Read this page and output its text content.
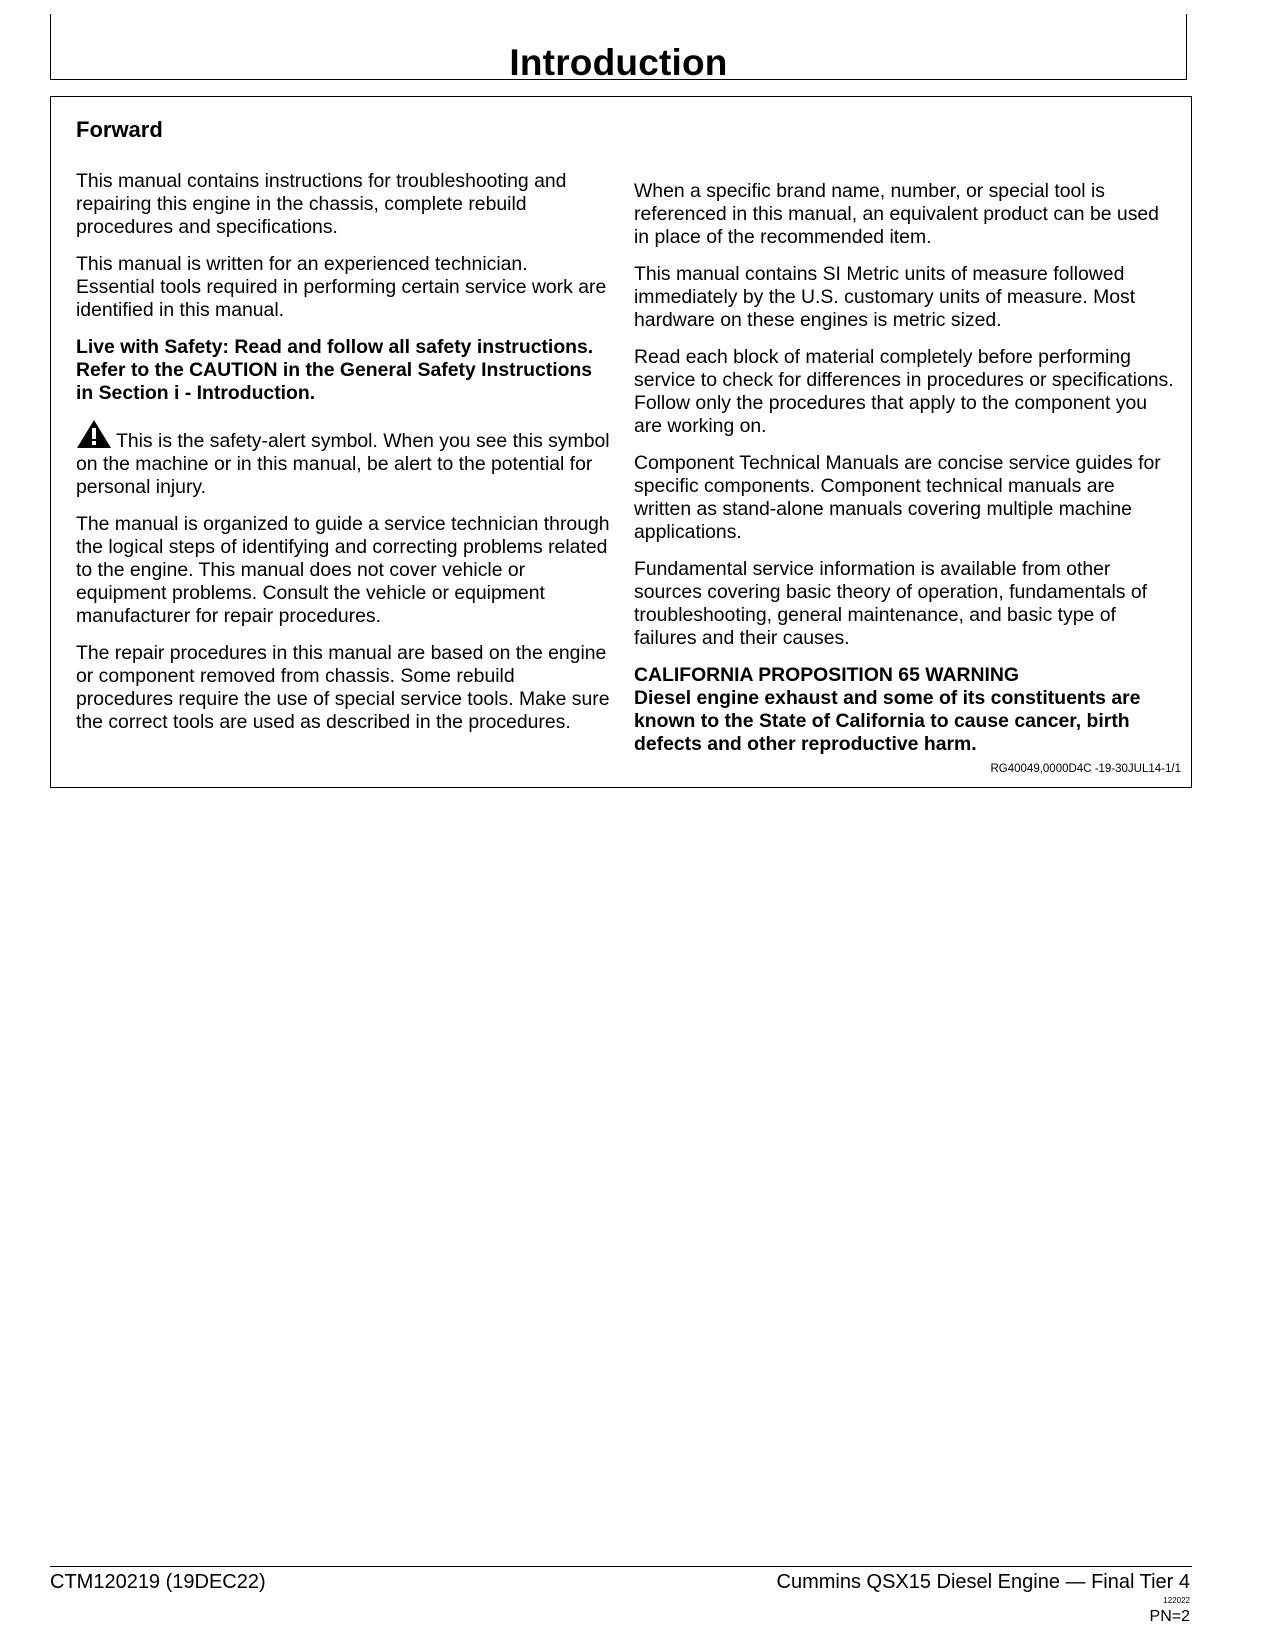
Introduction
Forward

This manual contains instructions for troubleshooting and repairing this engine in the chassis, complete rebuild procedures and specifications.

This manual is written for an experienced technician. Essential tools required in performing certain service work are identified in this manual.

Live with Safety: Read and follow all safety instructions. Refer to the CAUTION in the General Safety Instructions in Section i - Introduction.

This is the safety-alert symbol. When you see this symbol on the machine or in this manual, be alert to the potential for personal injury.

The manual is organized to guide a service technician through the logical steps of identifying and correcting problems related to the engine. This manual does not cover vehicle or equipment problems. Consult the vehicle or equipment manufacturer for repair procedures.

The repair procedures in this manual are based on the engine or component removed from chassis. Some rebuild procedures require the use of special service tools. Make sure the correct tools are used as described in the procedures.

When a specific brand name, number, or special tool is referenced in this manual, an equivalent product can be used in place of the recommended item.

This manual contains SI Metric units of measure followed immediately by the U.S. customary units of measure. Most hardware on these engines is metric sized.

Read each block of material completely before performing service to check for differences in procedures or specifications. Follow only the procedures that apply to the component you are working on.

Component Technical Manuals are concise service guides for specific components. Component technical manuals are written as stand-alone manuals covering multiple machine applications.

Fundamental service information is available from other sources covering basic theory of operation, fundamentals of troubleshooting, general maintenance, and basic type of failures and their causes.

CALIFORNIA PROPOSITION 65 WARNING

Diesel engine exhaust and some of its constituents are known to the State of California to cause cancer, birth defects and other reproductive harm.

RG40049,0000D4C -19-30JUL14-1/1
CTM120219 (19DEC22)	Cummins QSX15 Diesel Engine — Final Tier 4
122022
PN=2
